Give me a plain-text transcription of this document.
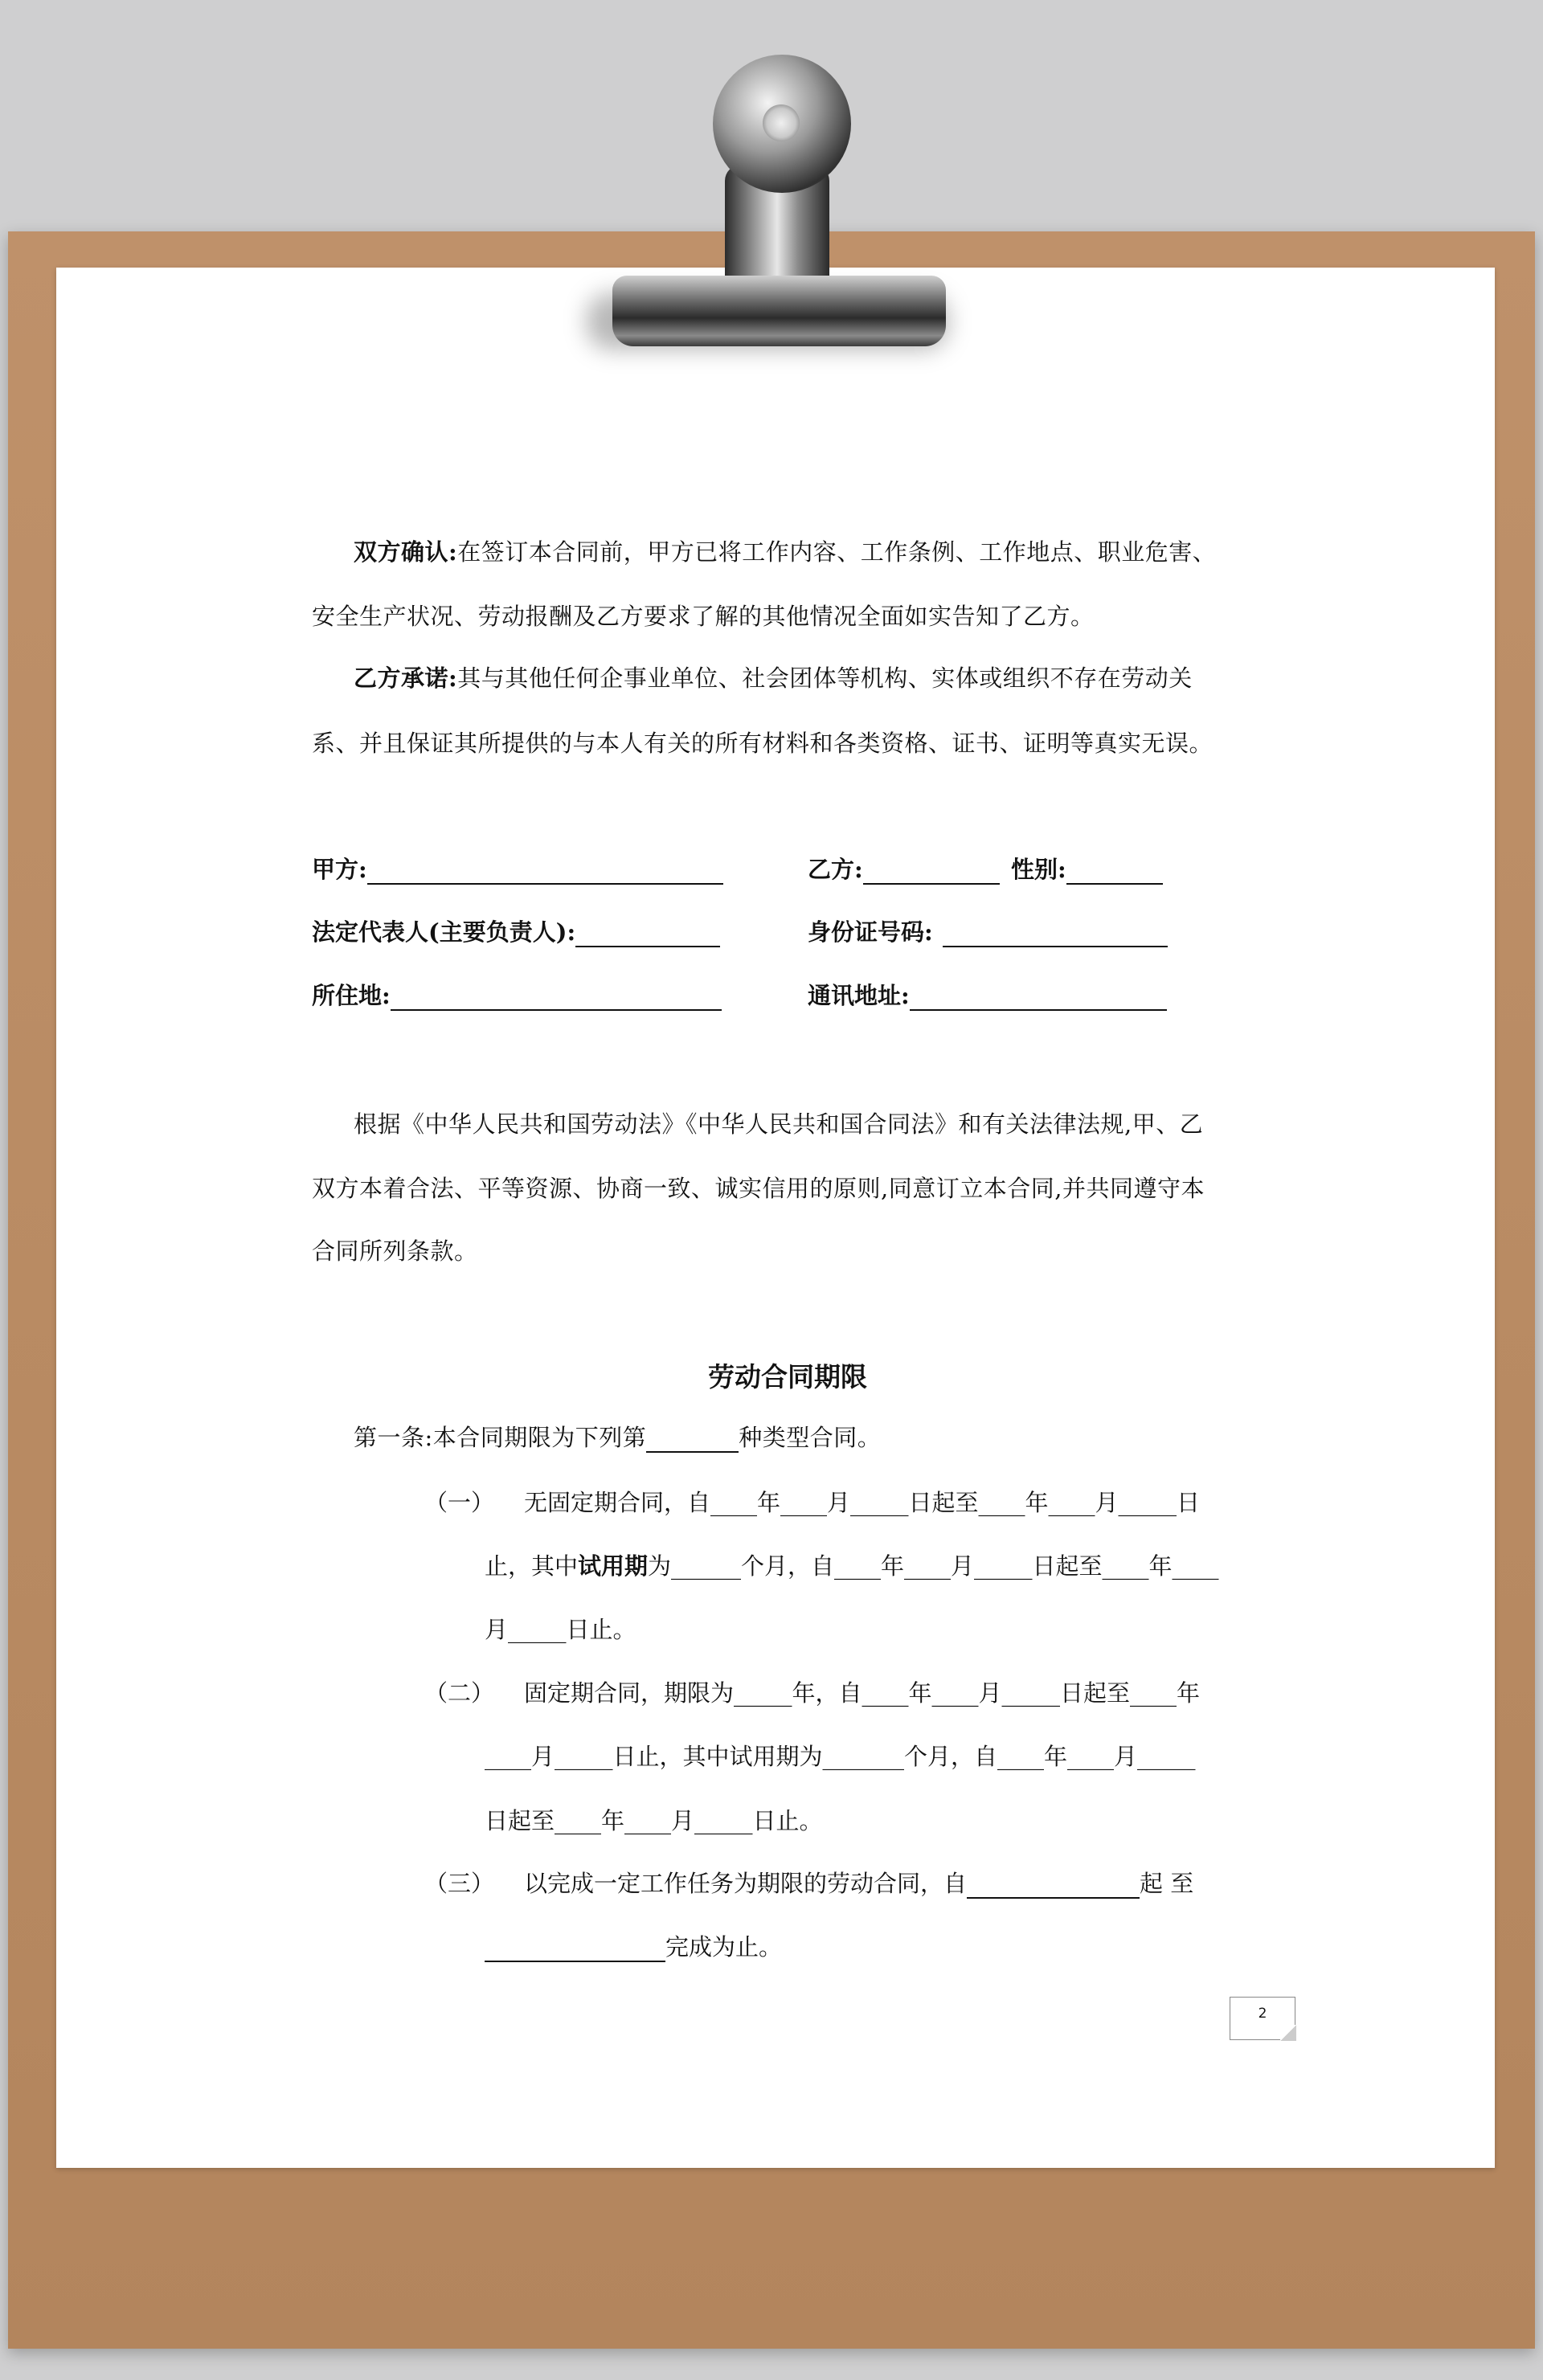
双方确认:在签订本合同前，甲方已将工作内容、工作条例、工作地点、职业危害、

安全生产状况、劳动报酬及乙方要求了解的其他情况全面如实告知了乙方。

乙方承诺:其与其他任何企事业单位、社会团体等机构、实体或组织不存在劳动关

系、并且保证其所提供的与本人有关的所有材料和各类资格、证书、证明等真实无误。

甲方:	乙方:	性别:
法定代表人(主要负责人):	身份证号码:
所住地:	通讯地址:

根据《中华人民共和国劳动法》《中华人民共和国合同法》和有关法律法规,甲、乙

双方本着合法、平等资源、协商一致、诚实信用的原则,同意订立本合同,并共同遵守本

合同所列条款。

劳动合同期限

第一条:本合同期限为下列第	种类型合同。

（一） 无固定期合同，自____年____月_____日起至____年____月_____日
止，其中试用期为______个月，自____年____月_____日起至____年____
月_____日止。
（二） 固定期合同，期限为_____年，自____年____月_____日起至____年
____月_____日止，其中试用期为_______个月，自____年____月_____
日起至____年____月_____日止。
（三） 以完成一定工作任务为期限的劳动合同，自	起 至
完成为止。
2
